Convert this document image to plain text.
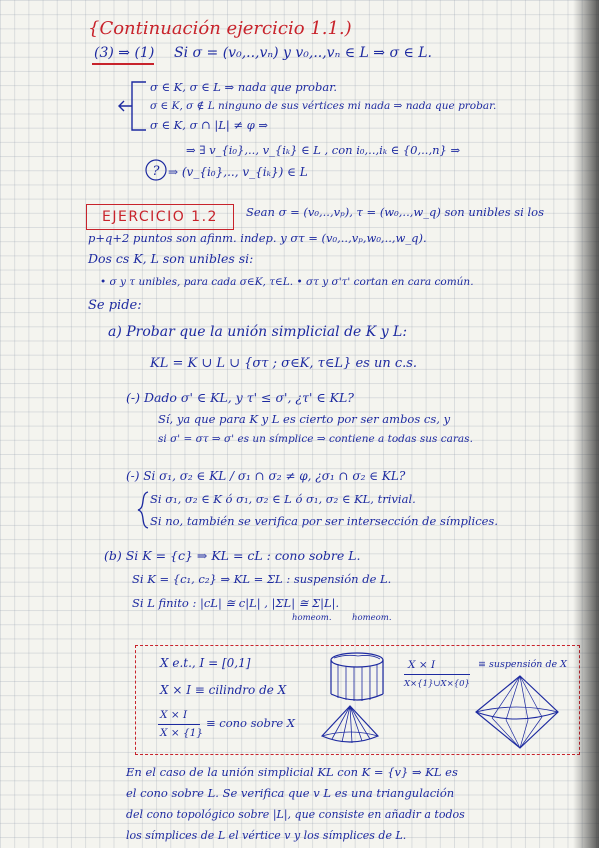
{Continuación ejercicio 1.1.)
(3) ⇒ (1) Si σ = (v₀,..,vₙ) y v₀,..,vₙ ∈ L ⇒ σ ∈ L.
σ ∈ K, σ ∈ L ⇒ nada que probar.
σ ∈ K, σ ∉ L ninguno de sus vértices mi nada ⇒ nada que probar.
σ ∈ K, σ ∩ |L| ≠ φ ⇒
⇒ ∃ v_{i₀},.., v_{iₖ} ∈ L , con i₀,..,iₖ ∈ {0,..,n} ⇒
? ⇒ (v_{i₀},.., v_{iₖ}) ∈ L
EJERCICIO 1.2	Sean σ = (v₀,..,vₚ), τ = (w₀,..,w_q) son unibles si los
p+q+2 puntos son afinm. indep. y στ = (v₀,..,vₚ,w₀,..,w_q).
Dos cs K, L son unibles si:
• σ y τ unibles, para cada σ∈K, τ∈L. • στ y σ'τ' cortan en cara común.
Se pide:
a) Probar que la unión simplicial de K y L:
KL = K ∪ L ∪ {στ ; σ∈K, τ∈L} es un c.s.
(-) Dado σ' ∈ KL, y τ' ≤ σ', ¿τ' ∈ KL?
Sí, ya que para K y L es cierto por ser ambos cs, y
si σ' = στ ⇒ σ' es un símplice ⇒ contiene a todas sus caras.
(-) Si σ₁, σ₂ ∈ KL / σ₁ ∩ σ₂ ≠ φ, ¿σ₁ ∩ σ₂ ∈ KL?
Si σ₁, σ₂ ∈ K ó σ₁, σ₂ ∈ L ó σ₁, σ₂ ∈ KL, trivial.
Si no, también se verifica por ser intersección de símplices.
(b) Si K = {c} ⇒ KL = cL : cono sobre L.
Si K = {c₁, c₂} ⇒ KL = ΣL : suspensión de L.
Si L finito : |cL| ≅ c|L| , |ΣL| ≅ Σ|L|.
homeom. homeom.
X e.t., I = [0,1]
X × I ≡ cilindro de X
X × I
X × {1}
≡ cono sobre X
X × I
X×{1}∪X×{0}
≡ suspensión de X
En el caso de la unión simplicial KL con K = {v} ⇒ KL es
el cono sobre L. Se verifica que v L es una triangulación
del cono topológico sobre |L|, que consiste en añadir a todos
los símplices de L el vértice v y los símplices de L.
